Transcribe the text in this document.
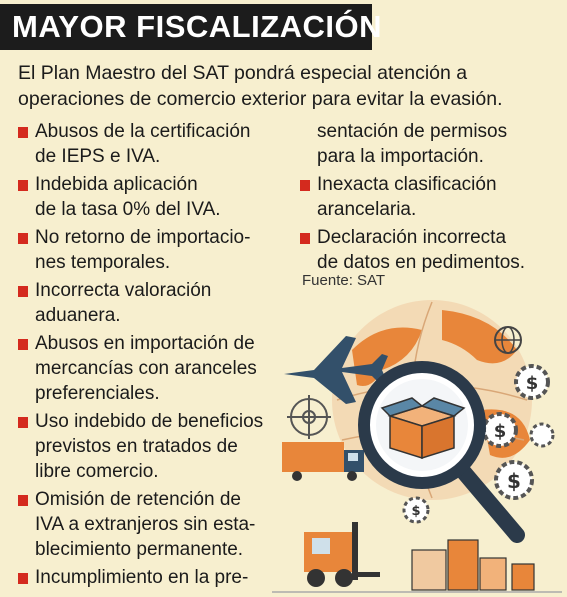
MAYOR FISCALIZACIÓN
El Plan Maestro del SAT pondrá especial atención a
operaciones de comercio exterior para evitar la evasión.
Abusos de la certificación
de IEPS e IVA.
Indebida aplicación
de la tasa 0% del IVA.
No retorno de importacio-
nes temporales.
Incorrecta valoración
aduanera.
Abusos en importación de
mercancías con aranceles
preferenciales.
Uso indebido de beneficios
previstos en tratados de
libre comercio.
Omisión de retención de
IVA a extranjeros sin esta-
blecimiento permanente.
Incumplimiento en la pre-
sentación de permisos
para la importación.
Inexacta clasificación
arancelaria.
Declaración incorrecta
de datos en pedimentos.
Fuente: SAT
$
$
$
$
